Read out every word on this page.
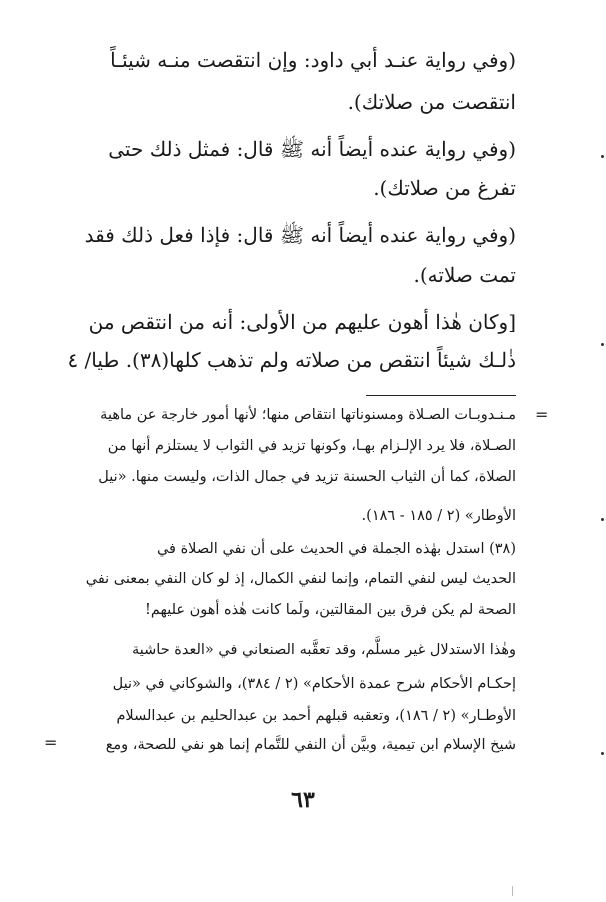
(وفي رواية عنـد أبي داود: وإن انتقصت منـه شيئـاً
انتقصت من صلاتك).
(وفي رواية عنده أيضاً أنه ﷺ قال: فمثل ذلك حتى
تفرغ من صلاتك).
(وفي رواية عنده أيضاً أنه ﷺ قال: فإذا فعل ذلك فقد
تمت صلاته).
[وكان هٰذا أهون عليهم من الأولى: أنه من انتقص من
ذٰلـك شيئاً انتقص من صلاته ولم تذهب كلها(٣٨). طيا/ ٤
مـنـدوبـات الصـلاة ومسنوناتها انتقاص منها؛ لأنها أمور خارجة عن ماهية
الصـلاة، فلا يرد الإلـزام بهـا، وكونها تزيد في الثواب لا يستلزم أنها من
الصلاة، كما أن الثياب الحسنة تزيد في جمال الذات، وليست منها. «نيل
الأوطار» (٢ / ١٨٥ - ١٨٦).
(٣٨) استدل بهٰذه الجملة في الحديث على أن نفي الصلاة في
الحديث ليس لنفي التمام، وإنما لنفي الكمال، إذ لو كان النفي بمعنى نفي
الصحة لم يكن فرق بين المقالتين، ولَما كانت هٰذه أهون عليهم!
وهٰذا الاستدلال غير مسلَّم، وقد تعقَّبه الصنعاني في «العدة حاشية
إحكـام الأحكام شرح عمدة الأحكام» (٢ / ٣٨٤)، والشوكاني في «نيل
الأوطـار» (٢ / ١٨٦)، وتعقبه قبلهم أحمد بن عبدالحليم بن عبدالسلام
شيخ الإسلام ابن تيمية، وبيَّن أن النفي للتَّمام إنما هو نفي للصحة، ومع
=
=
٦٣
